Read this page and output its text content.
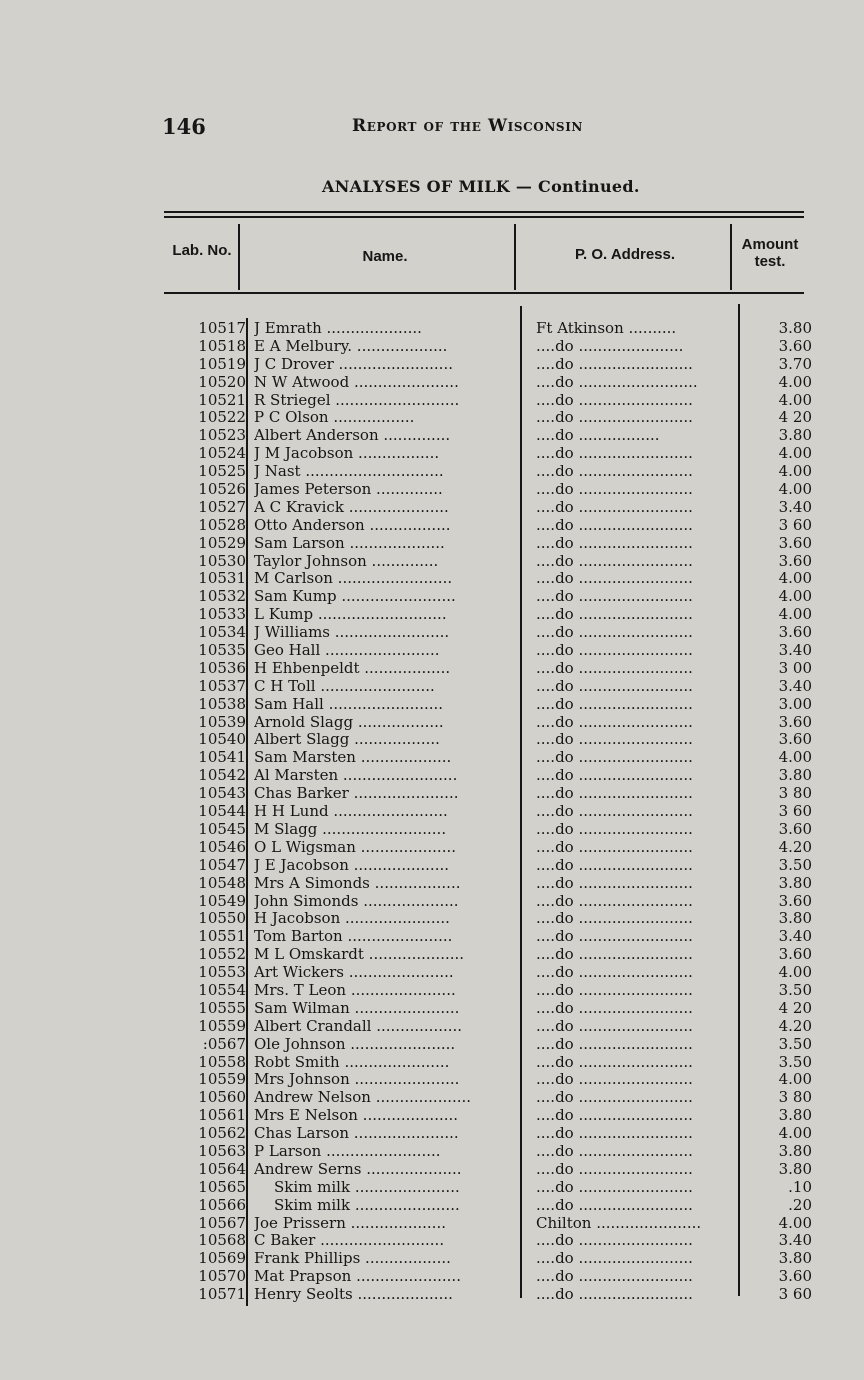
146	Report of the Wisconsin
ANALYSES OF MILK — Continued.
Lab. No.	Name.	P. O. Address.
Amount test.
10517 J Emrath ....................	Ft Atkinson ..........	3.80
10518 E A Melbury. ...................	....do ......................	3.60
10519 J C Drover ........................	....do ........................	3.70
10520 N W Atwood ......................	....do .........................	4.00
10521 R Striegel ..........................	....do ........................	4.00
10522 P C Olson .................	....do ........................	4 20
10523 Albert Anderson ..............	....do .................	3.80
10524 J M Jacobson .................	....do ........................	4.00
10525 J Nast .............................	....do ........................	4.00
10526 James Peterson ..............	....do ........................	4.00
10527 A C Kravick .....................	....do ........................	3.40
10528 Otto Anderson .................	....do ........................	3 60
10529 Sam Larson ....................	....do ........................	3.60
10530 Taylor Johnson ..............	....do ........................	3.60
10531 M Carlson ........................	....do ........................	4.00
10532 Sam Kump ........................	....do ........................	4.00
10533 L Kump ...........................	....do ........................	4.00
10534 J Williams ........................	....do ........................	3.60
10535 Geo Hall ........................	....do ........................	3.40
10536 H Ehbenpeldt ..................	....do ........................	3 00
10537 C H Toll ........................	....do ........................	3.40
10538 Sam Hall ........................	....do ........................	3.00
10539 Arnold Slagg ..................	....do ........................	3.60
10540 Albert Slagg ..................	....do ........................	3.60
10541 Sam Marsten ...................	....do ........................	4.00
10542 Al Marsten ........................	....do ........................	3.80
10543 Chas Barker ......................	....do ........................	3 80
10544 H H Lund ........................	....do ........................	3 60
10545 M Slagg ..........................	....do ........................	3.60
10546 O L Wigsman ....................	....do ........................	4.20
10547 J E Jacobson ....................	....do ........................	3.50
10548 Mrs A Simonds ..................	....do ........................	3.80
10549 John Simonds ....................	....do ........................	3.60
10550 H Jacobson ......................	....do ........................	3.80
10551 Tom Barton ......................	....do ........................	3.40
10552 M L Omskardt ....................	....do ........................	3.60
10553 Art Wickers ......................	....do ........................	4.00
10554 Mrs. T Leon ......................	....do ........................	3.50
10555 Sam Wilman ......................	....do ........................	4 20
10559 Albert Crandall ..................	....do ........................	4.20
:0567 Ole Johnson ......................	....do ........................	3.50
10558 Robt Smith ......................	....do ........................	3.50
10559 Mrs Johnson ......................	....do ........................	4.00
10560 Andrew Nelson ....................	....do ........................	3 80
10561 Mrs E Nelson ....................	....do ........................	3.80
10562 Chas Larson ......................	....do ........................	4.00
10563 P Larson ........................	....do ........................	3.80
10564 Andrew Serns ....................	....do ........................	3.80
10565	Skim milk ......................	....do ........................	.10
10566	Skim milk ......................	....do ........................	.20
10567 Joe Prissern ....................	Chilton ......................	4.00
10568 C Baker ..........................	....do ........................	3.40
10569 Frank Phillips ..................	....do ........................	3.80
10570 Mat Prapson ......................	....do ........................	3.60
10571 Henry Seolts ....................	....do ........................	3 60
